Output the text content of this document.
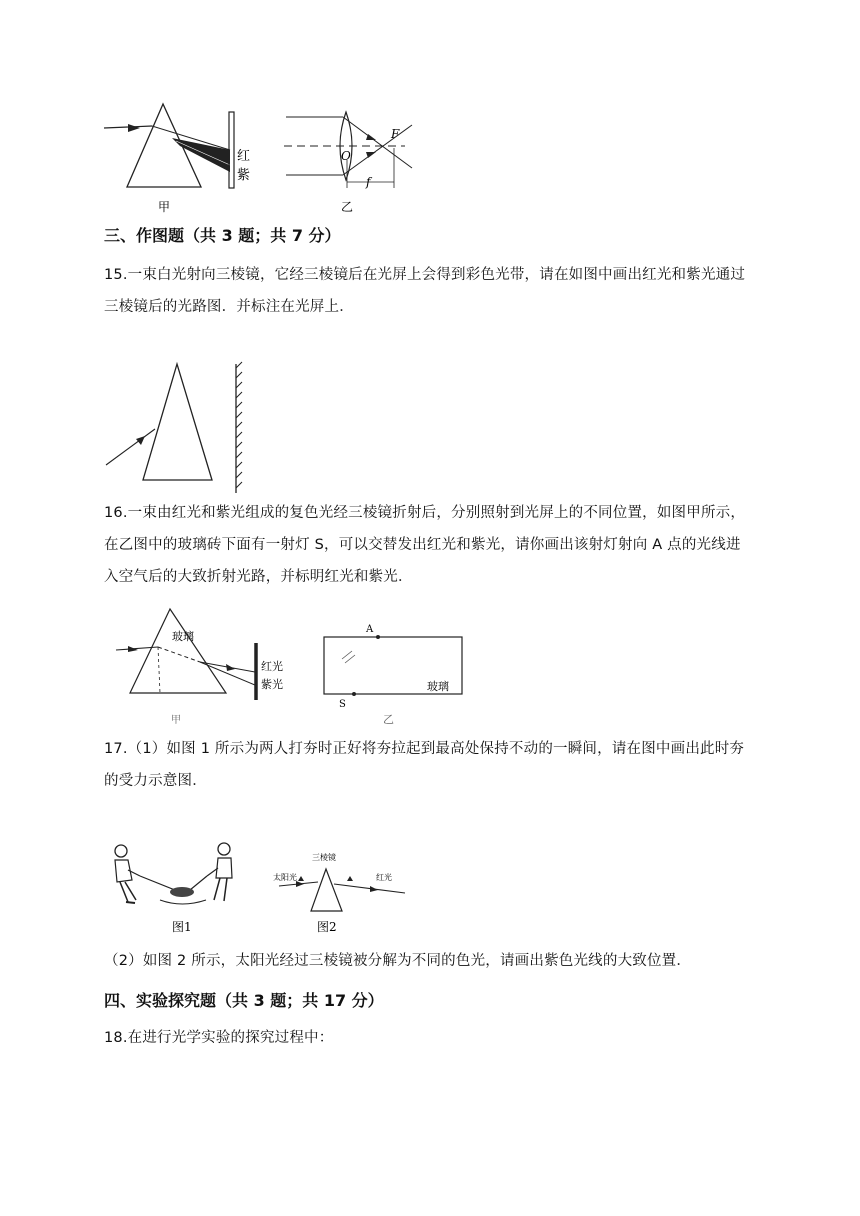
红
紫
甲
F
O
f
乙
三、作图题（共 3 题；共 7 分）
15.一束白光射向三棱镜，它经三棱镜后在光屏上会得到彩色光带，请在如图中画出红光和紫光通过
三棱镜后的光路图．并标注在光屏上．
16.一束由红光和紫光组成的复色光经三棱镜折射后，分别照射到光屏上的不同位置，如图甲所示，
在乙图中的玻璃砖下面有一射灯 S，可以交替发出红光和紫光，请你画出该射灯射向 A 点的光线进
入空气后的大致折射光路，并标明红光和紫光．
玻璃
红光
紫光
甲
A
玻璃
S
乙
17.（1）如图 1 所示为两人打夯时正好将夯拉起到最高处保持不动的一瞬间，请在图中画出此时夯
的受力示意图．
图1
三棱镜
太阳光	红光
图2
（2）如图 2 所示，太阳光经过三棱镜被分解为不同的色光，请画出紫色光线的大致位置．
四、实验探究题（共 3 题；共 17 分）
18.在进行光学实验的探究过程中：
